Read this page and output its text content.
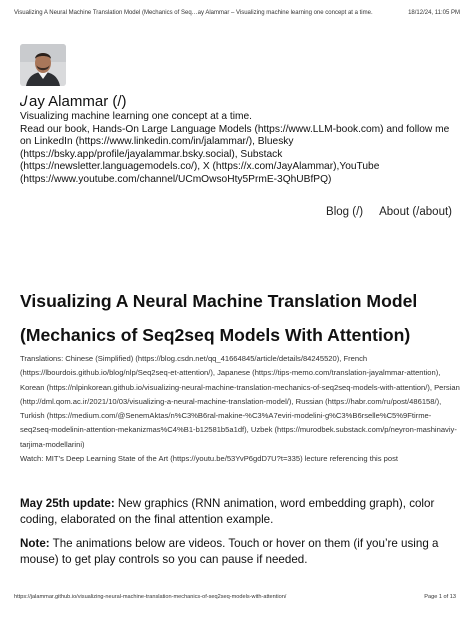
Visualizing A Neural Machine Translation Model (Mechanics of Seq…ay Alammar – Visualizing machine learning one concept at a time.	18/12/24, 11:05 PM
𝐽 ay Alammar (/)

Visualizing machine learning one concept at a time.

Read our book, Hands-On Large Language Models (https://www.LLM-book.com) and follow me on LinkedIn (https://www.linkedin.com/in/jalammar/), Bluesky (https://bsky.app/profile/jayalammar.bsky.social), Substack (https://newsletter.languagemodels.co/), X (https://x.com/JayAlammar),YouTube (https://www.youtube.com/channel/UCmOwsoHty5PrmE-3QhUBfPQ)

Blog (/) About (/about)
Visualizing A Neural Machine Translation Model (Mechanics of Seq2seq Models With Attention)

Translations: Chinese (Simplified) (https://blog.csdn.net/qq_41664845/article/details/84245520), French (https://lbourdois.github.io/blog/nlp/Seq2seq-et-attention/), Japanese (https://tips-memo.com/translation-jayalmmar-attention), Korean (https://nlpinkorean.github.io/visualizing-neural-machine-translation-mechanics-of-seq2seq-models-with-attention/), Persian (http://dml.qom.ac.ir/2021/10/03/visualizing-a-neural-machine-translation-model/), Russian (https://habr.com/ru/post/486158/), Turkish (https://medium.com/@SenemAktas/n%C3%B6ral-makine-%C3%A7eviri-modelini-g%C3%B6rselle%C5%9Ftirme-seq2seq-modelinin-attention-mekanizmas%C4%B1-b12581b5a1df), Uzbek (https://murodbek.substack.com/p/neyron-mashinaviy-tarjima-modellarini)

Watch: MIT’s Deep Learning State of the Art (https://youtu.be/53YvP6gdD7U?t=335) lecture referencing this post

May 25th update: New graphics (RNN animation, word embedding graph), color coding, elaborated on the final attention example.

Note: The animations below are videos. Touch or hover on them (if you’re using a mouse) to get play controls so you can pause if needed.

https://jalammar.github.io/visualizing-neural-machine-translation-mechanics-of-seq2seq-models-with-attention/	Page 1 of 13
